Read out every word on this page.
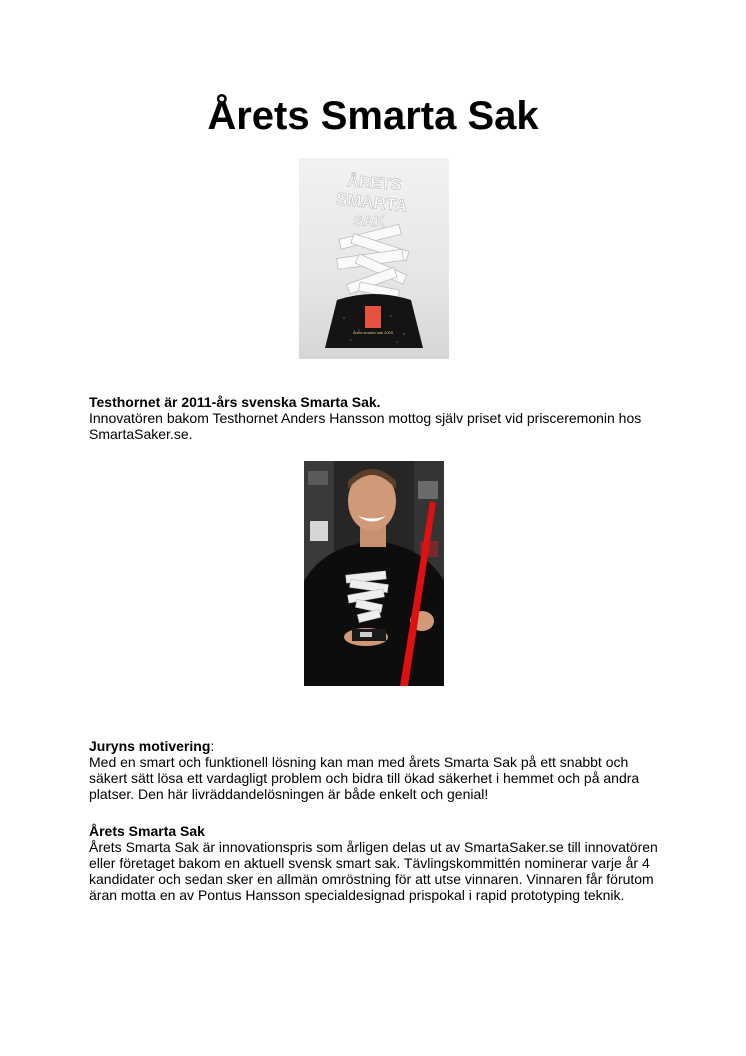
Årets Smarta Sak
ÅRETS
SMARTA
SAK
Årets smarta sak 2009

Testhornet är 2011-års svenska Smarta Sak.
Innovatören bakom Testhornet Anders Hansson mottog själv priset vid prisceremonin hos SmartaSaker.se.

Juryns motivering:
Med en smart och funktionell lösning kan man med årets Smarta Sak på ett snabbt och säkert sätt lösa ett vardagligt problem och bidra till ökad säkerhet i hemmet och på andra platser. Den här livräddandelösningen är både enkelt och genial!

Årets Smarta Sak
Årets Smarta Sak är innovationspris som årligen delas ut av SmartaSaker.se till innovatören eller företaget bakom en aktuell svensk smart sak. Tävlingskommittén nominerar varje år 4 kandidater och sedan sker en allmän omröstning för att utse vinnaren. Vinnaren får förutom äran motta en av Pontus Hansson specialdesignad prispokal i rapid prototyping teknik.
